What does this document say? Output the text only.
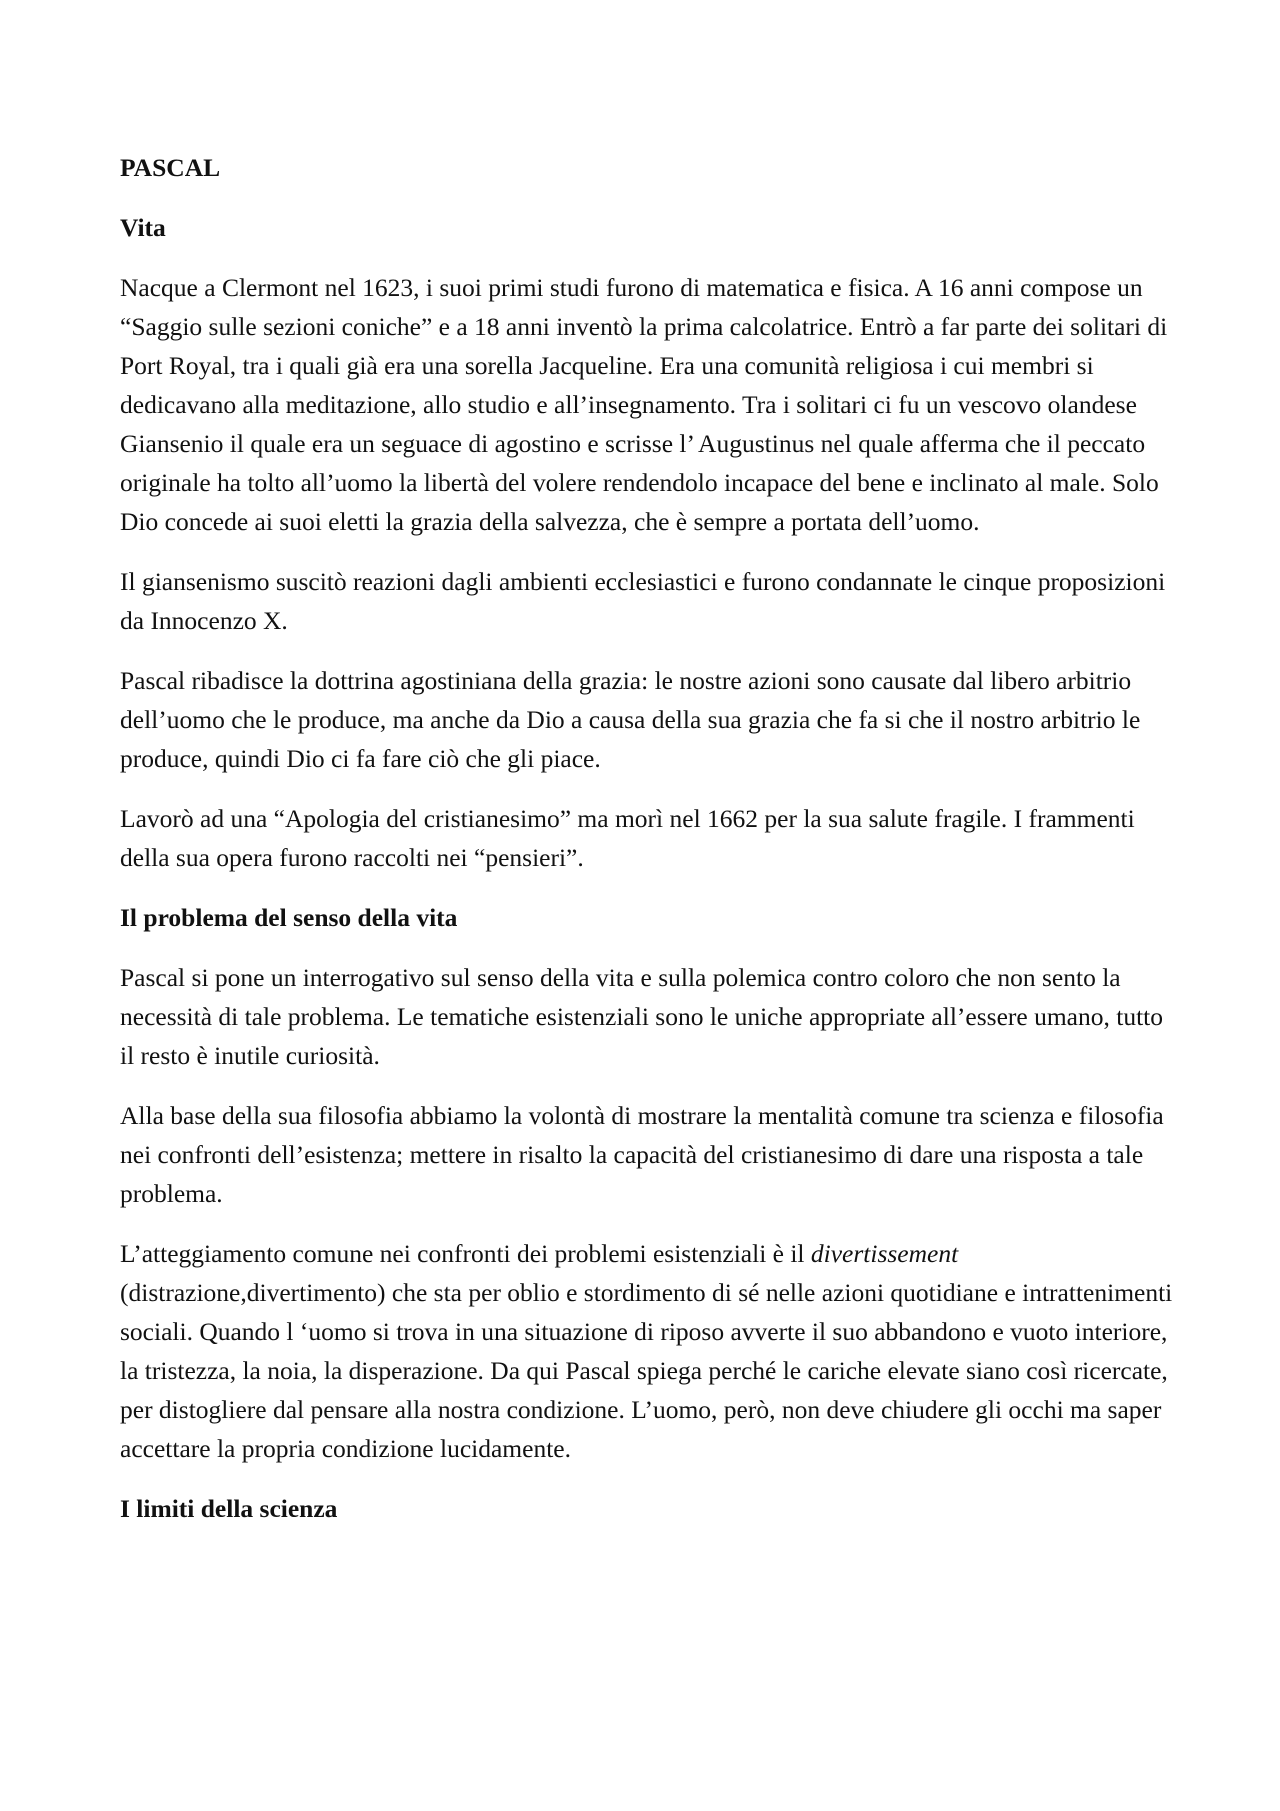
PASCAL
Vita

Nacque a Clermont nel 1623, i suoi primi studi furono di matematica e fisica. A 16 anni compose un “Saggio sulle sezioni coniche” e a 18 anni inventò la prima calcolatrice. Entrò a far parte dei solitari di Port Royal, tra i quali già era una sorella Jacqueline. Era una comunità religiosa i cui membri si dedicavano alla meditazione, allo studio e all’insegnamento. Tra i solitari ci fu un vescovo olandese Giansenio il quale era un seguace di agostino e scrisse l’ Augustinus nel quale afferma che il peccato originale ha tolto all’uomo la libertà del volere rendendolo incapace del bene e inclinato al male. Solo Dio concede ai suoi eletti la grazia della salvezza, che è sempre a portata dell’uomo.

Il giansenismo suscitò reazioni dagli ambienti ecclesiastici e furono condannate le cinque proposizioni da Innocenzo X.

Pascal ribadisce la dottrina agostiniana della grazia: le nostre azioni sono causate dal libero arbitrio dell’uomo che le produce, ma anche da Dio a causa della sua grazia che fa si che il nostro arbitrio le produce, quindi Dio ci fa fare ciò che gli piace.

Lavorò ad una “Apologia del cristianesimo” ma morì nel 1662 per la sua salute fragile. I frammenti della sua opera furono raccolti nei “pensieri”.

Il problema del senso della vita

Pascal si pone un interrogativo sul senso della vita e sulla polemica contro coloro che non sento la necessità di tale problema. Le tematiche esistenziali sono le uniche appropriate all’essere umano, tutto il resto è inutile curiosità.

Alla base della sua filosofia abbiamo la volontà di mostrare la mentalità comune tra scienza e filosofia nei confronti dell’esistenza; mettere in risalto la capacità del cristianesimo di dare una risposta a tale problema.

L’atteggiamento comune nei confronti dei problemi esistenziali è il divertissement (distrazione,divertimento) che sta per oblio e stordimento di sé nelle azioni quotidiane e intrattenimenti sociali. Quando l ‘uomo si trova in una situazione di riposo avverte il suo abbandono e vuoto interiore, la tristezza, la noia, la disperazione. Da qui Pascal spiega perché le cariche elevate siano così ricercate, per distogliere dal pensare alla nostra condizione. L’uomo, però, non deve chiudere gli occhi ma saper accettare la propria condizione lucidamente.

I limiti della scienza
